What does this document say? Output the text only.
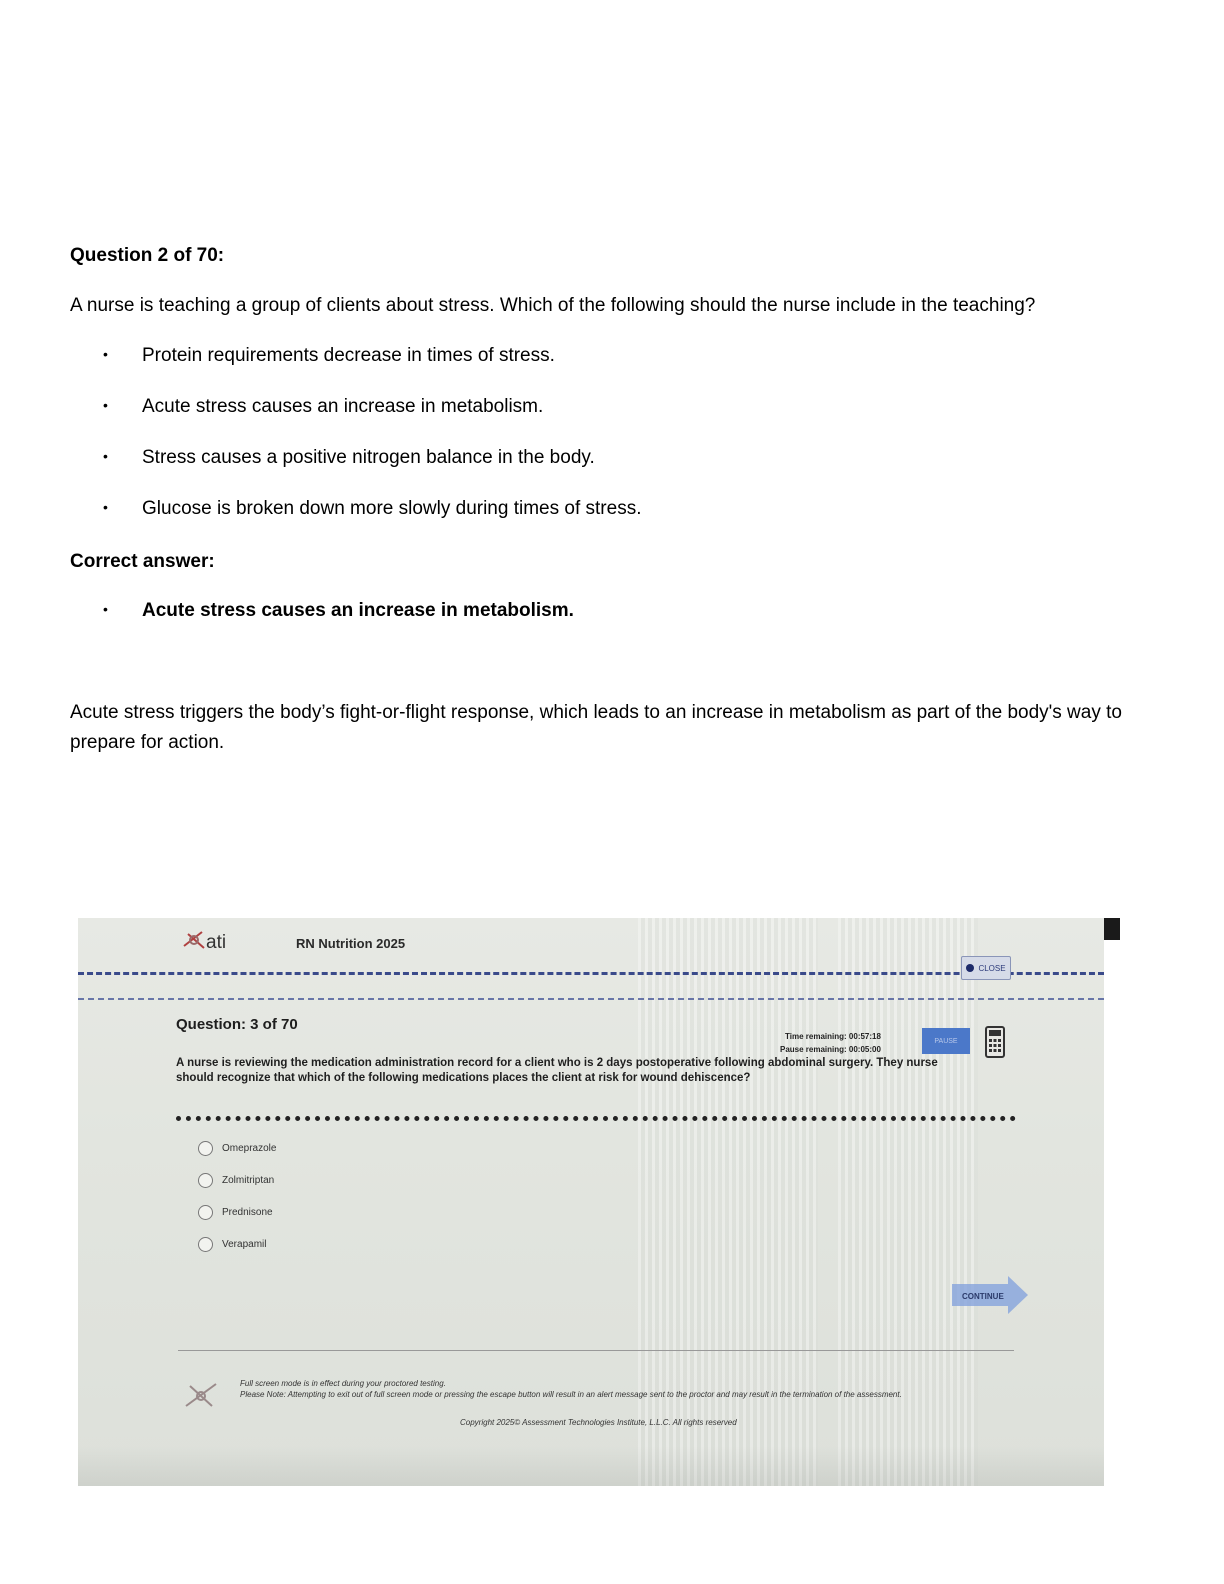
Question 2 of 70:
A nurse is teaching a group of clients about stress. Which of the following should the nurse include in the teaching?
• Protein requirements decrease in times of stress.
• Acute stress causes an increase in metabolism.
• Stress causes a positive nitrogen balance in the body.
• Glucose is broken down more slowly during times of stress.
Correct answer:
• Acute stress causes an increase in metabolism.
Acute stress triggers the body’s fight-or-flight response, which leads to an increase in metabolism as part of the body's way to prepare for action.
ati	RN Nutrition 2025
CLOSE
Question: 3 of 70
Time remaining: 00:57:18
Pause remaining: 00:05:00
PAUSE
A nurse is reviewing the medication administration record for a client who is 2 days postoperative following abdominal surgery. They nurse should recognize that which of the following medications places the client at risk for wound dehiscence?
Omeprazole
Zolmitriptan
Prednisone
Verapamil
CONTINUE
Full screen mode is in effect during your proctored testing.
Please Note: Attempting to exit out of full screen mode or pressing the escape button will result in an alert message sent to the proctor and may result in the termination of the assessment.
Copyright 2025© Assessment Technologies Institute, L.L.C. All rights reserved
